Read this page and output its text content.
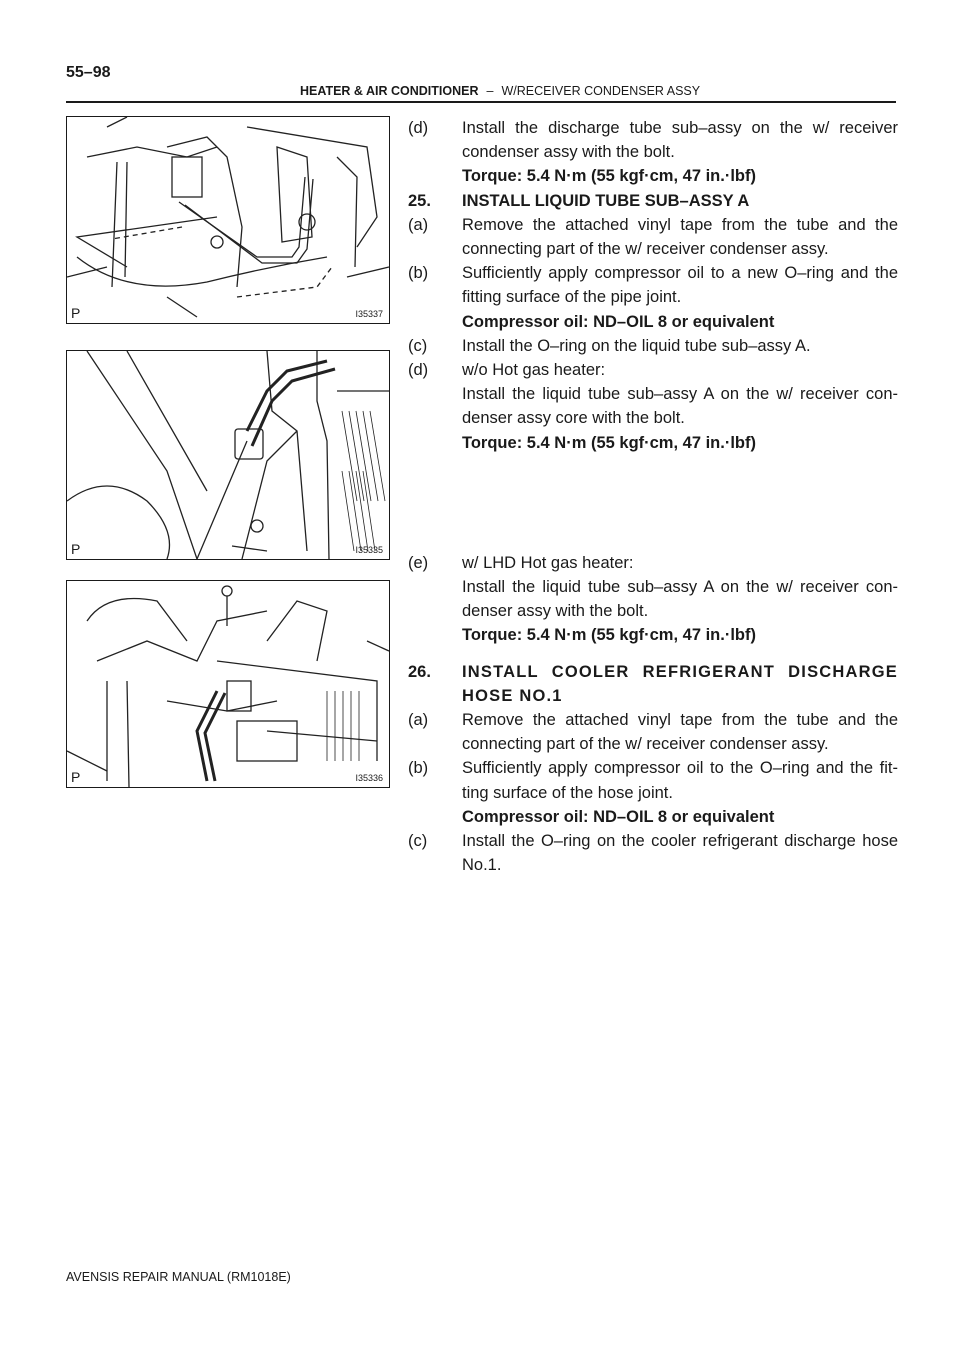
55–98
HEATER & AIR CONDITIONER – W/RECEIVER CONDENSER ASSY
P	I35337
P	I35335
P	I35336
(d)	Install the discharge tube sub–assy on the w/ receiver condenser assy with the bolt.
Torque: 5.4 N·m (55 kgf·cm, 47 in.·lbf)
25.	INSTALL LIQUID TUBE SUB–ASSY A
(a)	Remove the attached vinyl tape from the tube and the connecting part of the w/ receiver condenser assy.
(b)	Sufficiently apply compressor oil to a new O–ring and the fitting surface of the pipe joint.
Compressor oil: ND–OIL 8 or equivalent
(c)	Install the O–ring on the liquid tube sub–assy A.
(d)	w/o Hot gas heater:
Install the liquid tube sub–assy A on the w/ receiver con-denser assy core with the bolt.
Torque: 5.4 N·m (55 kgf·cm, 47 in.·lbf)
(e)	w/ LHD Hot gas heater:
Install the liquid tube sub–assy A on the w/ receiver con-denser assy with the bolt.
Torque: 5.4 N·m (55 kgf·cm, 47 in.·lbf)
26.	INSTALL COOLER REFRIGERANT DISCHARGE HOSE NO.1
(a)	Remove the attached vinyl tape from the tube and the connecting part of the w/ receiver condenser assy.
(b)	Sufficiently apply compressor oil to the O–ring and the fit-ting surface of the hose joint.
Compressor oil: ND–OIL 8 or equivalent
(c)	Install the O–ring on the cooler refrigerant discharge hose No.1.
AVENSIS REPAIR MANUAL (RM1018E)
